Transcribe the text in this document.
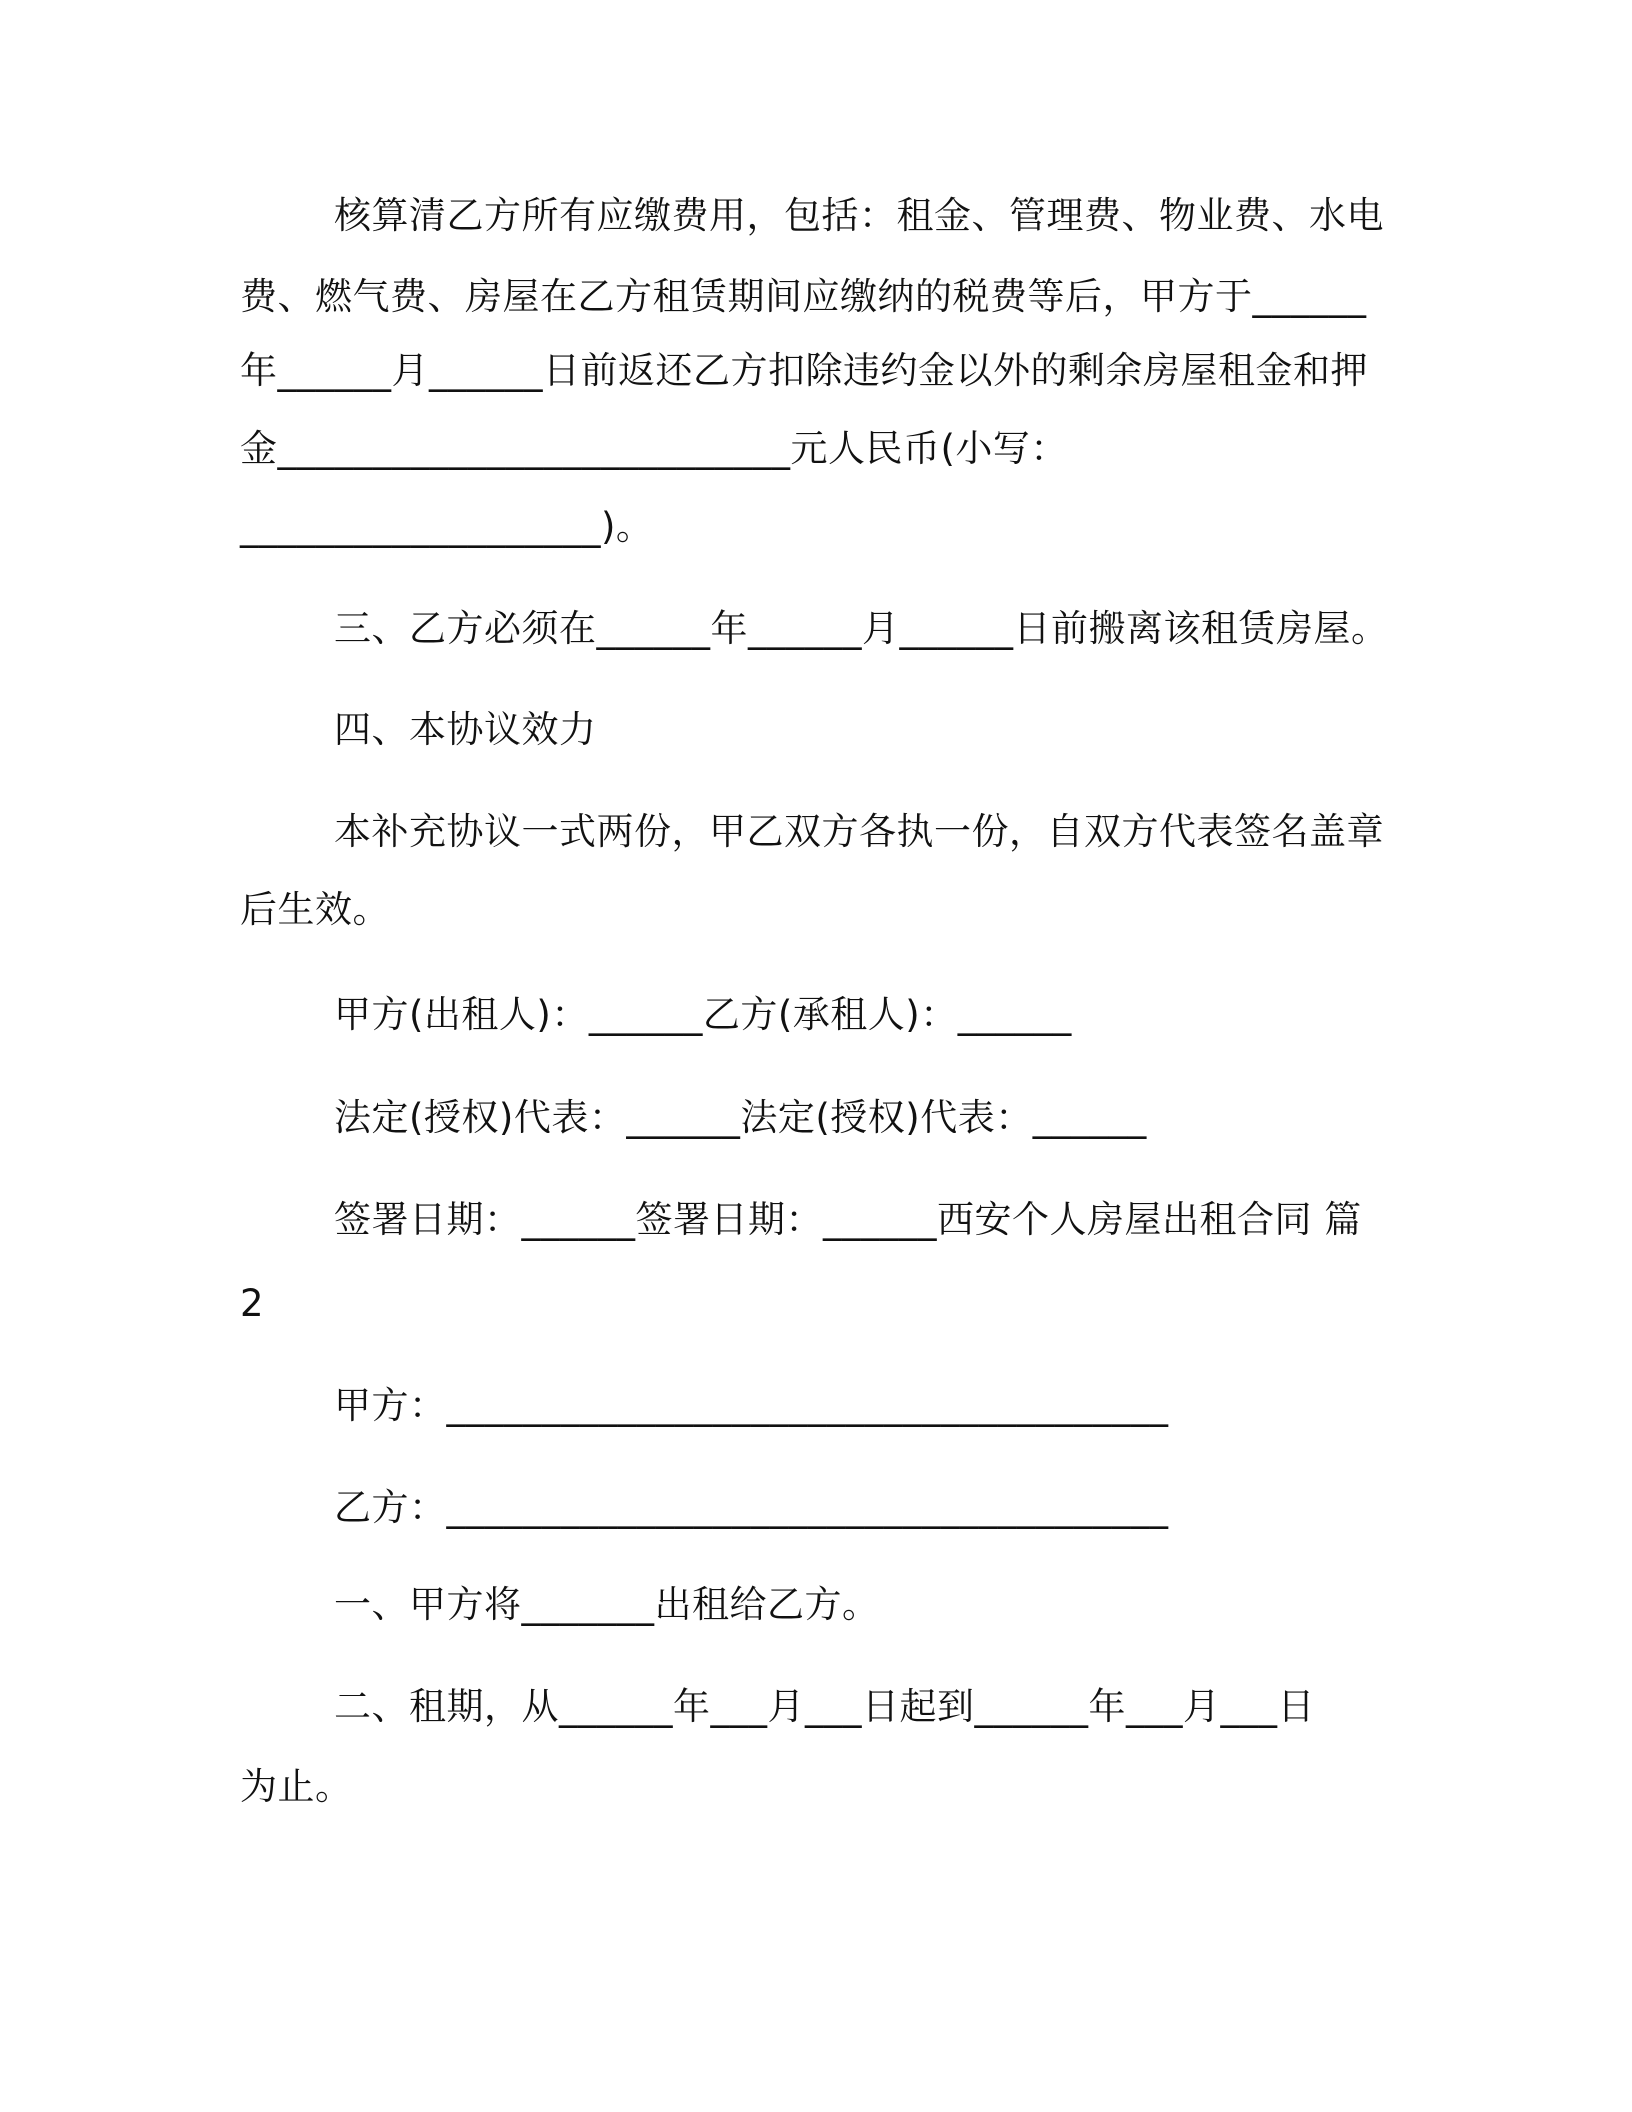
核算清乙方所有应缴费用，包括：租金、管理费、物业费、水电
费、燃气费、房屋在乙方租赁期间应缴纳的税费等后，甲方于______
年______月______日前返还乙方扣除违约金以外的剩余房屋租金和押
金___________________________元人民币(小写：
___________________)。
三、乙方必须在______年______月______日前搬离该租赁房屋。
四、本协议效力
本补充协议一式两份，甲乙双方各执一份，自双方代表签名盖章
后生效。
甲方(出租人)：______乙方(承租人)：______
法定(授权)代表：______法定(授权)代表：______
签署日期：______签署日期：______西安个人房屋出租合同 篇
2
甲方：______________________________________
乙方：______________________________________
一、甲方将_______出租给乙方。
二、租期，从______年___月___日起到______年___月___日
为止。
